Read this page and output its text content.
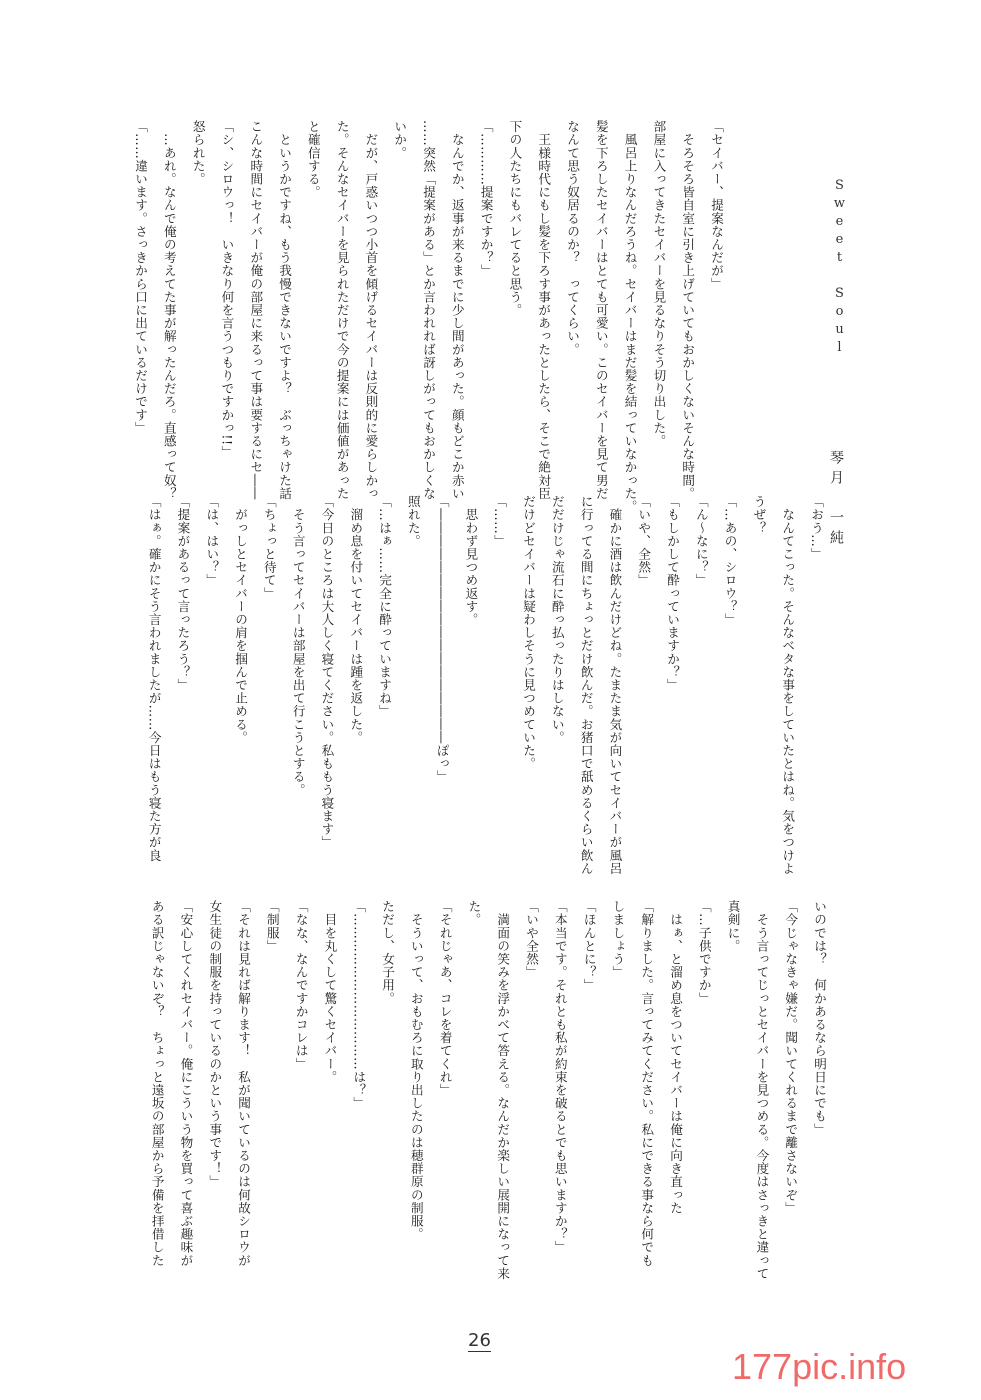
Sweet Soul
琴月　一純
「セイバー、提案なんだが」
　そろそろ皆自室に引き上げていてもおかしくないそんな時間。
部屋に入ってきたセイバーを見るなりそう切り出した。
　風呂上りなんだろうね。セイバーはまだ髪を結っていなかった。
髪を下ろしたセイバーはとても可愛い。このセイバーを見て男だ
なんて思う奴居るのか？　ってくらい。
　王様時代にもし髪を下ろす事があったとしたら、そこで絶対臣
下の人たちにもバレてると思う。
「…………提案ですか？」
　なんでか、返事が来るまでに少し間があった。顔もどこか赤い
……突然「提案がある」とか言われれば訝しがってもおかしくな
いか。
　だが、戸惑いつつ小首を傾げるセイバーは反則的に愛らしかっ
た。そんなセイバーを見られただけで今の提案には価値があった
と確信する。
　というかですね、もう我慢できないですよ？　ぶっちゃけた話
こんな時間にセイバーが俺の部屋に来るって事は要するにセ――
「シ、シロウっ！　いきなり何を言うつもりですかっ!!」
怒られた。
　…あれ。なんで俺の考えてた事が解ったんだろ。直感って奴？
「……違います。さっきから口に出ているだけです」
「おう…」
　なんてこった。そんなベタな事をしていたとはね。気をつけよ
うぜ？
「…あの、シロウ？」
「ん～なに？」
「もしかして酔っていますか？」
「いや、全然」
　確かに酒は飲んだけどね。たまたま気が向いてセイバーが風呂
に行ってる間にちょっとだけ飲んだ。お猪口で舐めるくらい飲ん
だだけじゃ流石に酔っ払ったりはしない。
だけどセイバーは疑わしそうに見つめていた。
「……」
　思わず見つめ返す。
「――――――――――――――――――ぽっ」
照れた。
「…はぁ……完全に酔っていますね」
　溜め息を付いてセイバーは踵を返した。
「今日のところは大人しく寝てください。私ももう寝ます」
　そう言ってセイバーは部屋を出て行こうとする。
「ちょっと待て」
　がっしとセイバーの肩を掴んで止める。
「は、はい？」
「提案があるって言ったろう？」
「はぁ。確かにそう言われましたが……今日はもう寝た方が良
いのでは？　何かあるなら明日にでも」
「今じゃなきゃ嫌だ。聞いてくれるまで離さないぞ」
　そう言ってじっとセイバーを見つめる。今度はさっきと違って
真剣に。
「…子供ですか」
　はぁ、と溜め息をついてセイバーは俺に向き直った
「解りました。言ってみてください。私にできる事なら何でも
しましょう」
「ほんとに？」
「本当です。それとも私が約束を破るとでも思いますか？」
「いや全然」
　満面の笑みを浮かべて答える。なんだか楽しい展開になって来
た。
「それじゃあ、コレを着てくれ」
　そういって、おもむろに取り出したのは穂群原の制服。
ただし、女子用。
「………………………………は？」
　目を丸くして驚くセイバー。
「なな、なんですかコレは」
「制服」
「それは見れば解ります！　私が聞いているのは何故シロウが
女生徒の制服を持っているのかという事です！」
「安心してくれセイバー。俺にこういう物を買って喜ぶ趣味が
ある訳じゃないぞ？　ちょっと遠坂の部屋から予備を拝借した
26
177pic.info
